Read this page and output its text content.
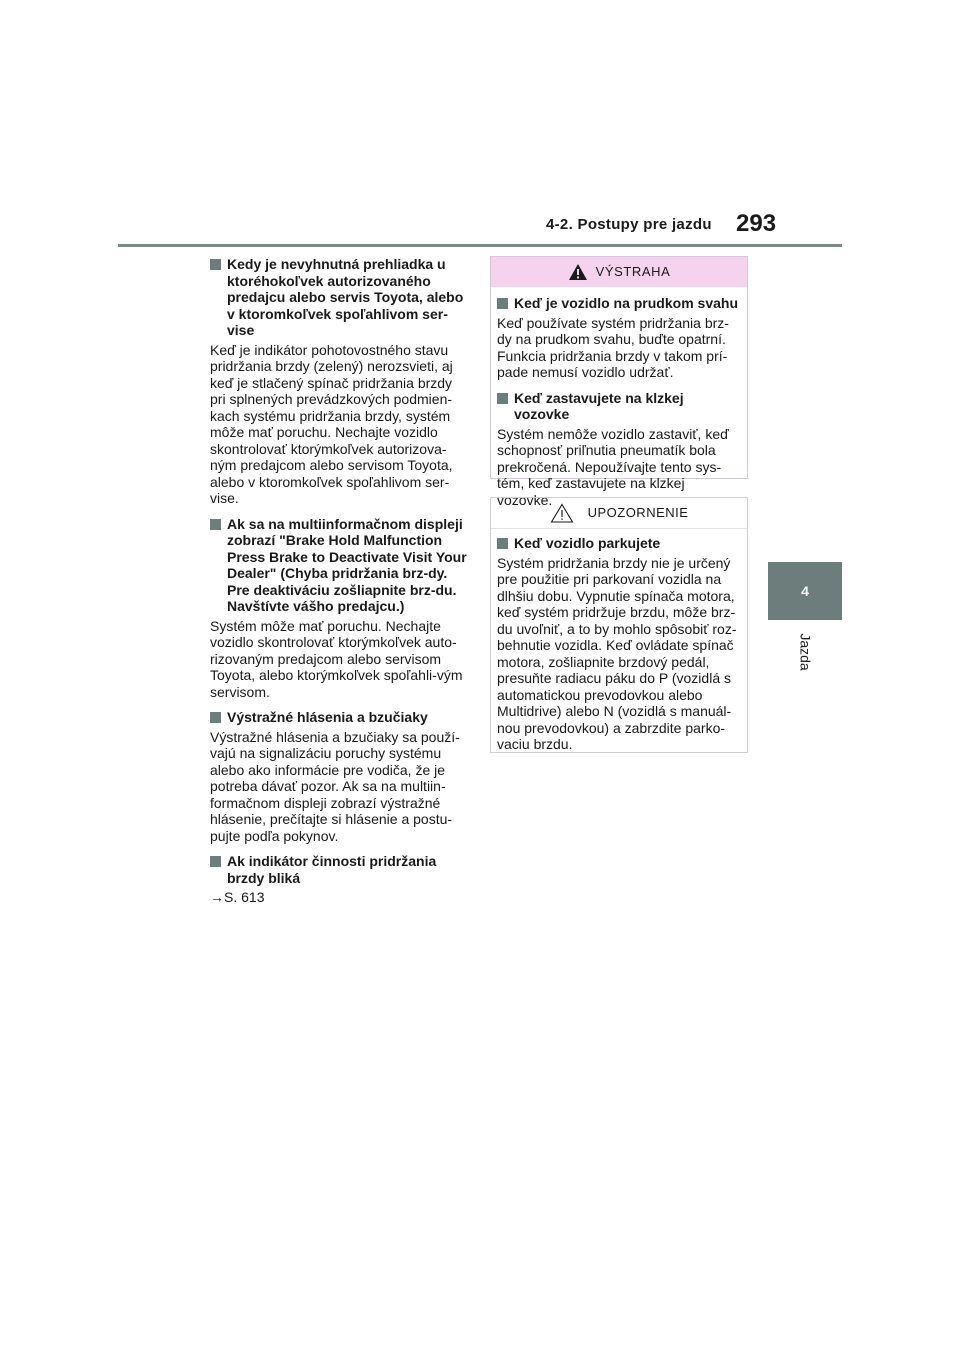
4-2. Postupy pre jazdu 293
4
Jazda
Kedy je nevyhnutná prehliadka u ktoréhokoľvek autorizovaného predajcu alebo servis Toyota, alebo v ktoromkoľvek spoľahlivom ser-vise

Keď je indikátor pohotovostného stavu pridržania brzdy (zelený) nerozsvieti, aj keď je stlačený spínač pridržania brzdy pri splnených prevádzkových podmien-kach systému pridržania brzdy, systém môže mať poruchu. Nechajte vozidlo skontrolovať ktorýmkoľvek autorizova-ným predajcom alebo servisom Toyota, alebo v ktoromkoľvek spoľahlivom ser-vise.

Ak sa na multiinformačnom displeji zobrazí "Brake Hold Malfunction Press Brake to Deactivate Visit Your Dealer" (Chyba pridržania brz-dy. Pre deaktiváciu zošliapnite brz-du. Navštívte vášho predajcu.)

Systém môže mať poruchu. Nechajte vozidlo skontrolovať ktorýmkoľvek auto-rizovaným predajcom alebo servisom Toyota, alebo ktorýmkoľvek spoľahli-vým servisom.

Výstražné hlásenia a bzučiaky

Výstražné hlásenia a bzučiaky sa použí-vajú na signalizáciu poruchy systému alebo ako informácie pre vodiča, že je potreba dávať pozor. Ak sa na multiin-formačnom displeji zobrazí výstražné hlásenie, prečítajte si hlásenie a postu-pujte podľa pokynov.

Ak indikátor činnosti pridržania brzdy bliká

→S. 613

VÝSTRAHA
Keď je vozidlo na prudkom svahu

Keď používate systém pridržania brz-dy na prudkom svahu, buďte opatrní. Funkcia pridržania brzdy v takom prí-pade nemusí vozidlo udržať.

Keď zastavujete na klzkej vozovke

Systém nemôže vozidlo zastaviť, keď schopnosť priľnutia pneumatík bola prekročená. Nepoužívajte tento sys-tém, keď zastavujete na klzkej vozovke.

UPOZORNENIE
Keď vozidlo parkujete

Systém pridržania brzdy nie je určený pre použitie pri parkovaní vozidla na dlhšiu dobu. Vypnutie spínača motora, keď systém pridržuje brzdu, môže brz-du uvoľniť, a to by mohlo spôsobiť roz-behnutie vozidla. Keď ovládate spínač motora, zošliapnite brzdový pedál, presuňte radiacu páku do P (vozidlá s automatickou prevodovkou alebo Multidrive) alebo N (vozidlá s manuál-nou prevodovkou) a zabrzdite parko-vaciu brzdu.
